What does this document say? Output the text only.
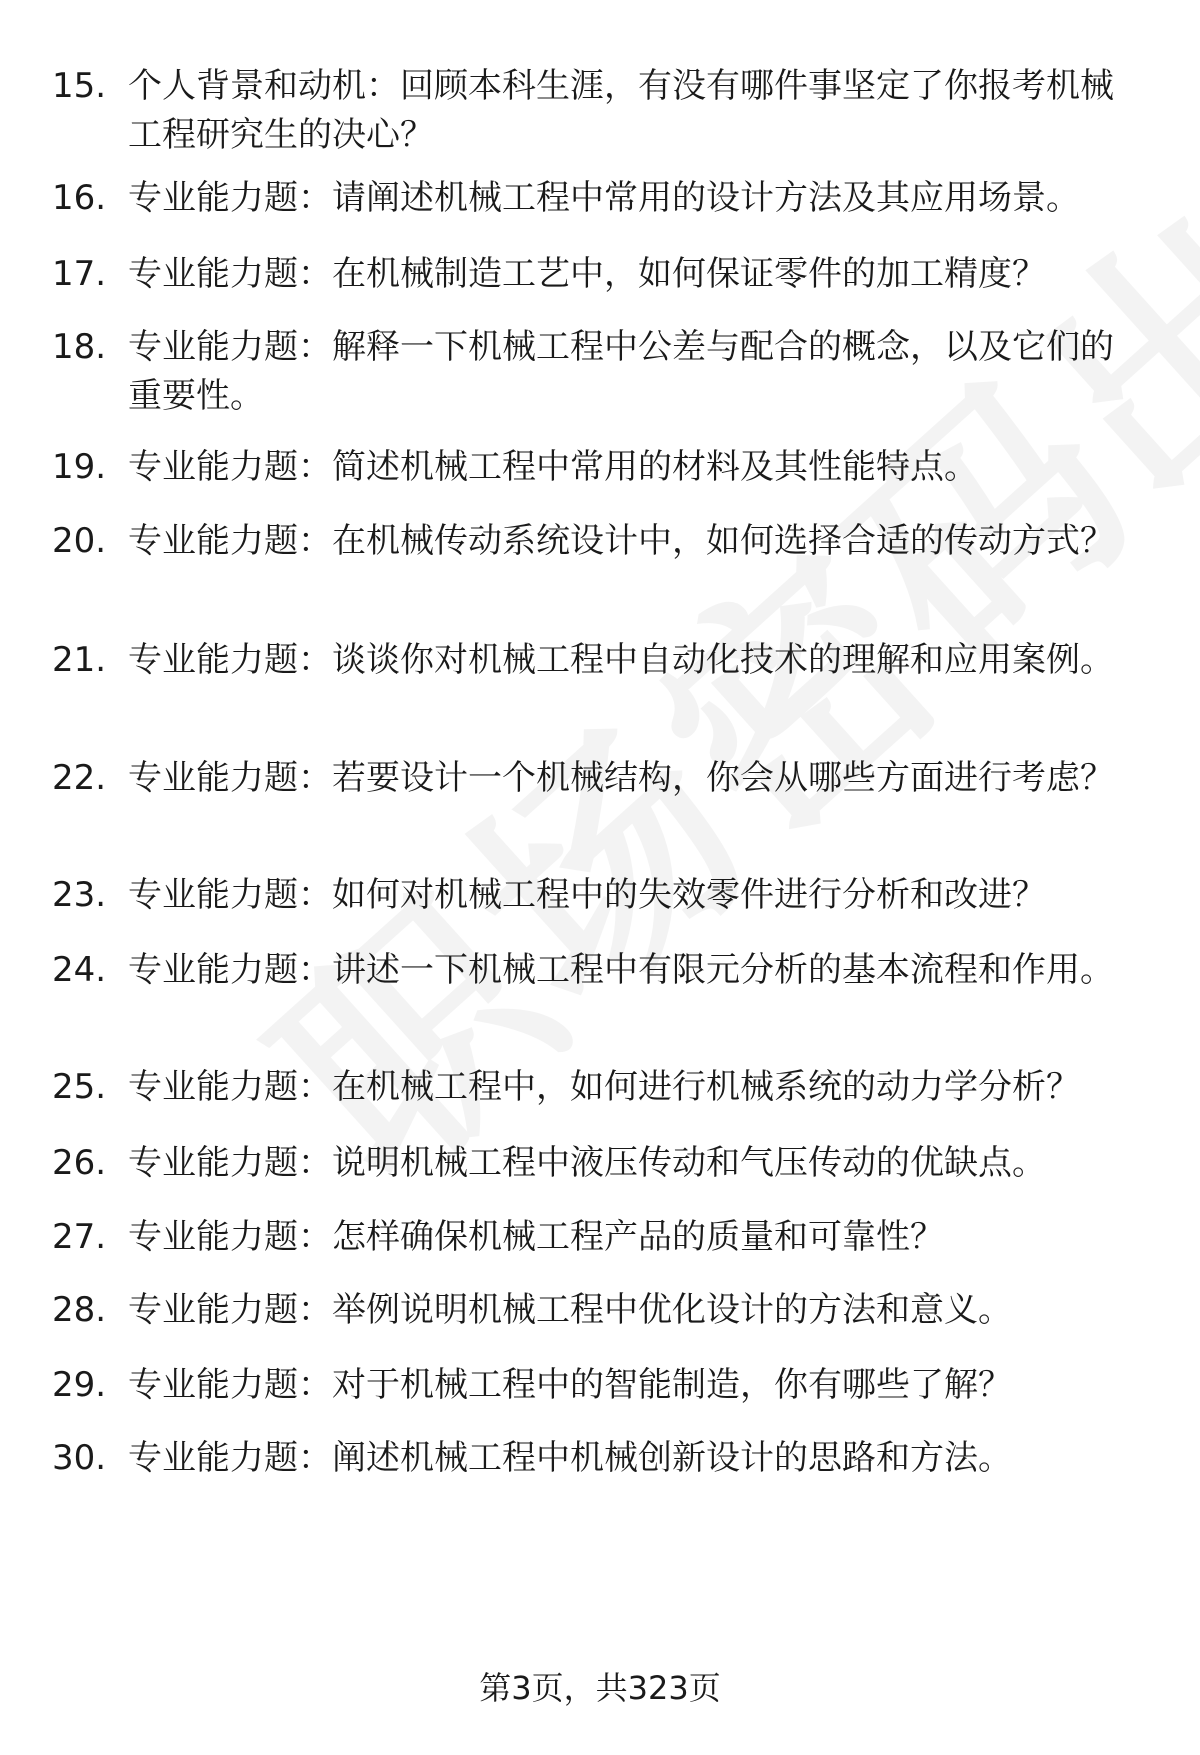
15. 个人背景和动机：回顾本科生涯，有没有哪件事坚定了你报考机械工程研究生的决心？
16. 专业能力题：请阐述机械工程中常用的设计方法及其应用场景。
17. 专业能力题：在机械制造工艺中，如何保证零件的加工精度？
18. 专业能力题：解释一下机械工程中公差与配合的概念，以及它们的重要性。
19. 专业能力题：简述机械工程中常用的材料及其性能特点。
20. 专业能力题：在机械传动系统设计中，如何选择合适的传动方式？
21. 专业能力题：谈谈你对机械工程中自动化技术的理解和应用案例。
22. 专业能力题：若要设计一个机械结构，你会从哪些方面进行考虑？
23. 专业能力题：如何对机械工程中的失效零件进行分析和改进？
24. 专业能力题：讲述一下机械工程中有限元分析的基本流程和作用。
25. 专业能力题：在机械工程中，如何进行机械系统的动力学分析？
26. 专业能力题：说明机械工程中液压传动和气压传动的优缺点。
27. 专业能力题：怎样确保机械工程产品的质量和可靠性？
28. 专业能力题：举例说明机械工程中优化设计的方法和意义。
29. 专业能力题：对于机械工程中的智能制造，你有哪些了解？
30. 专业能力题：阐述机械工程中机械创新设计的思路和方法。
第3页，共323页
